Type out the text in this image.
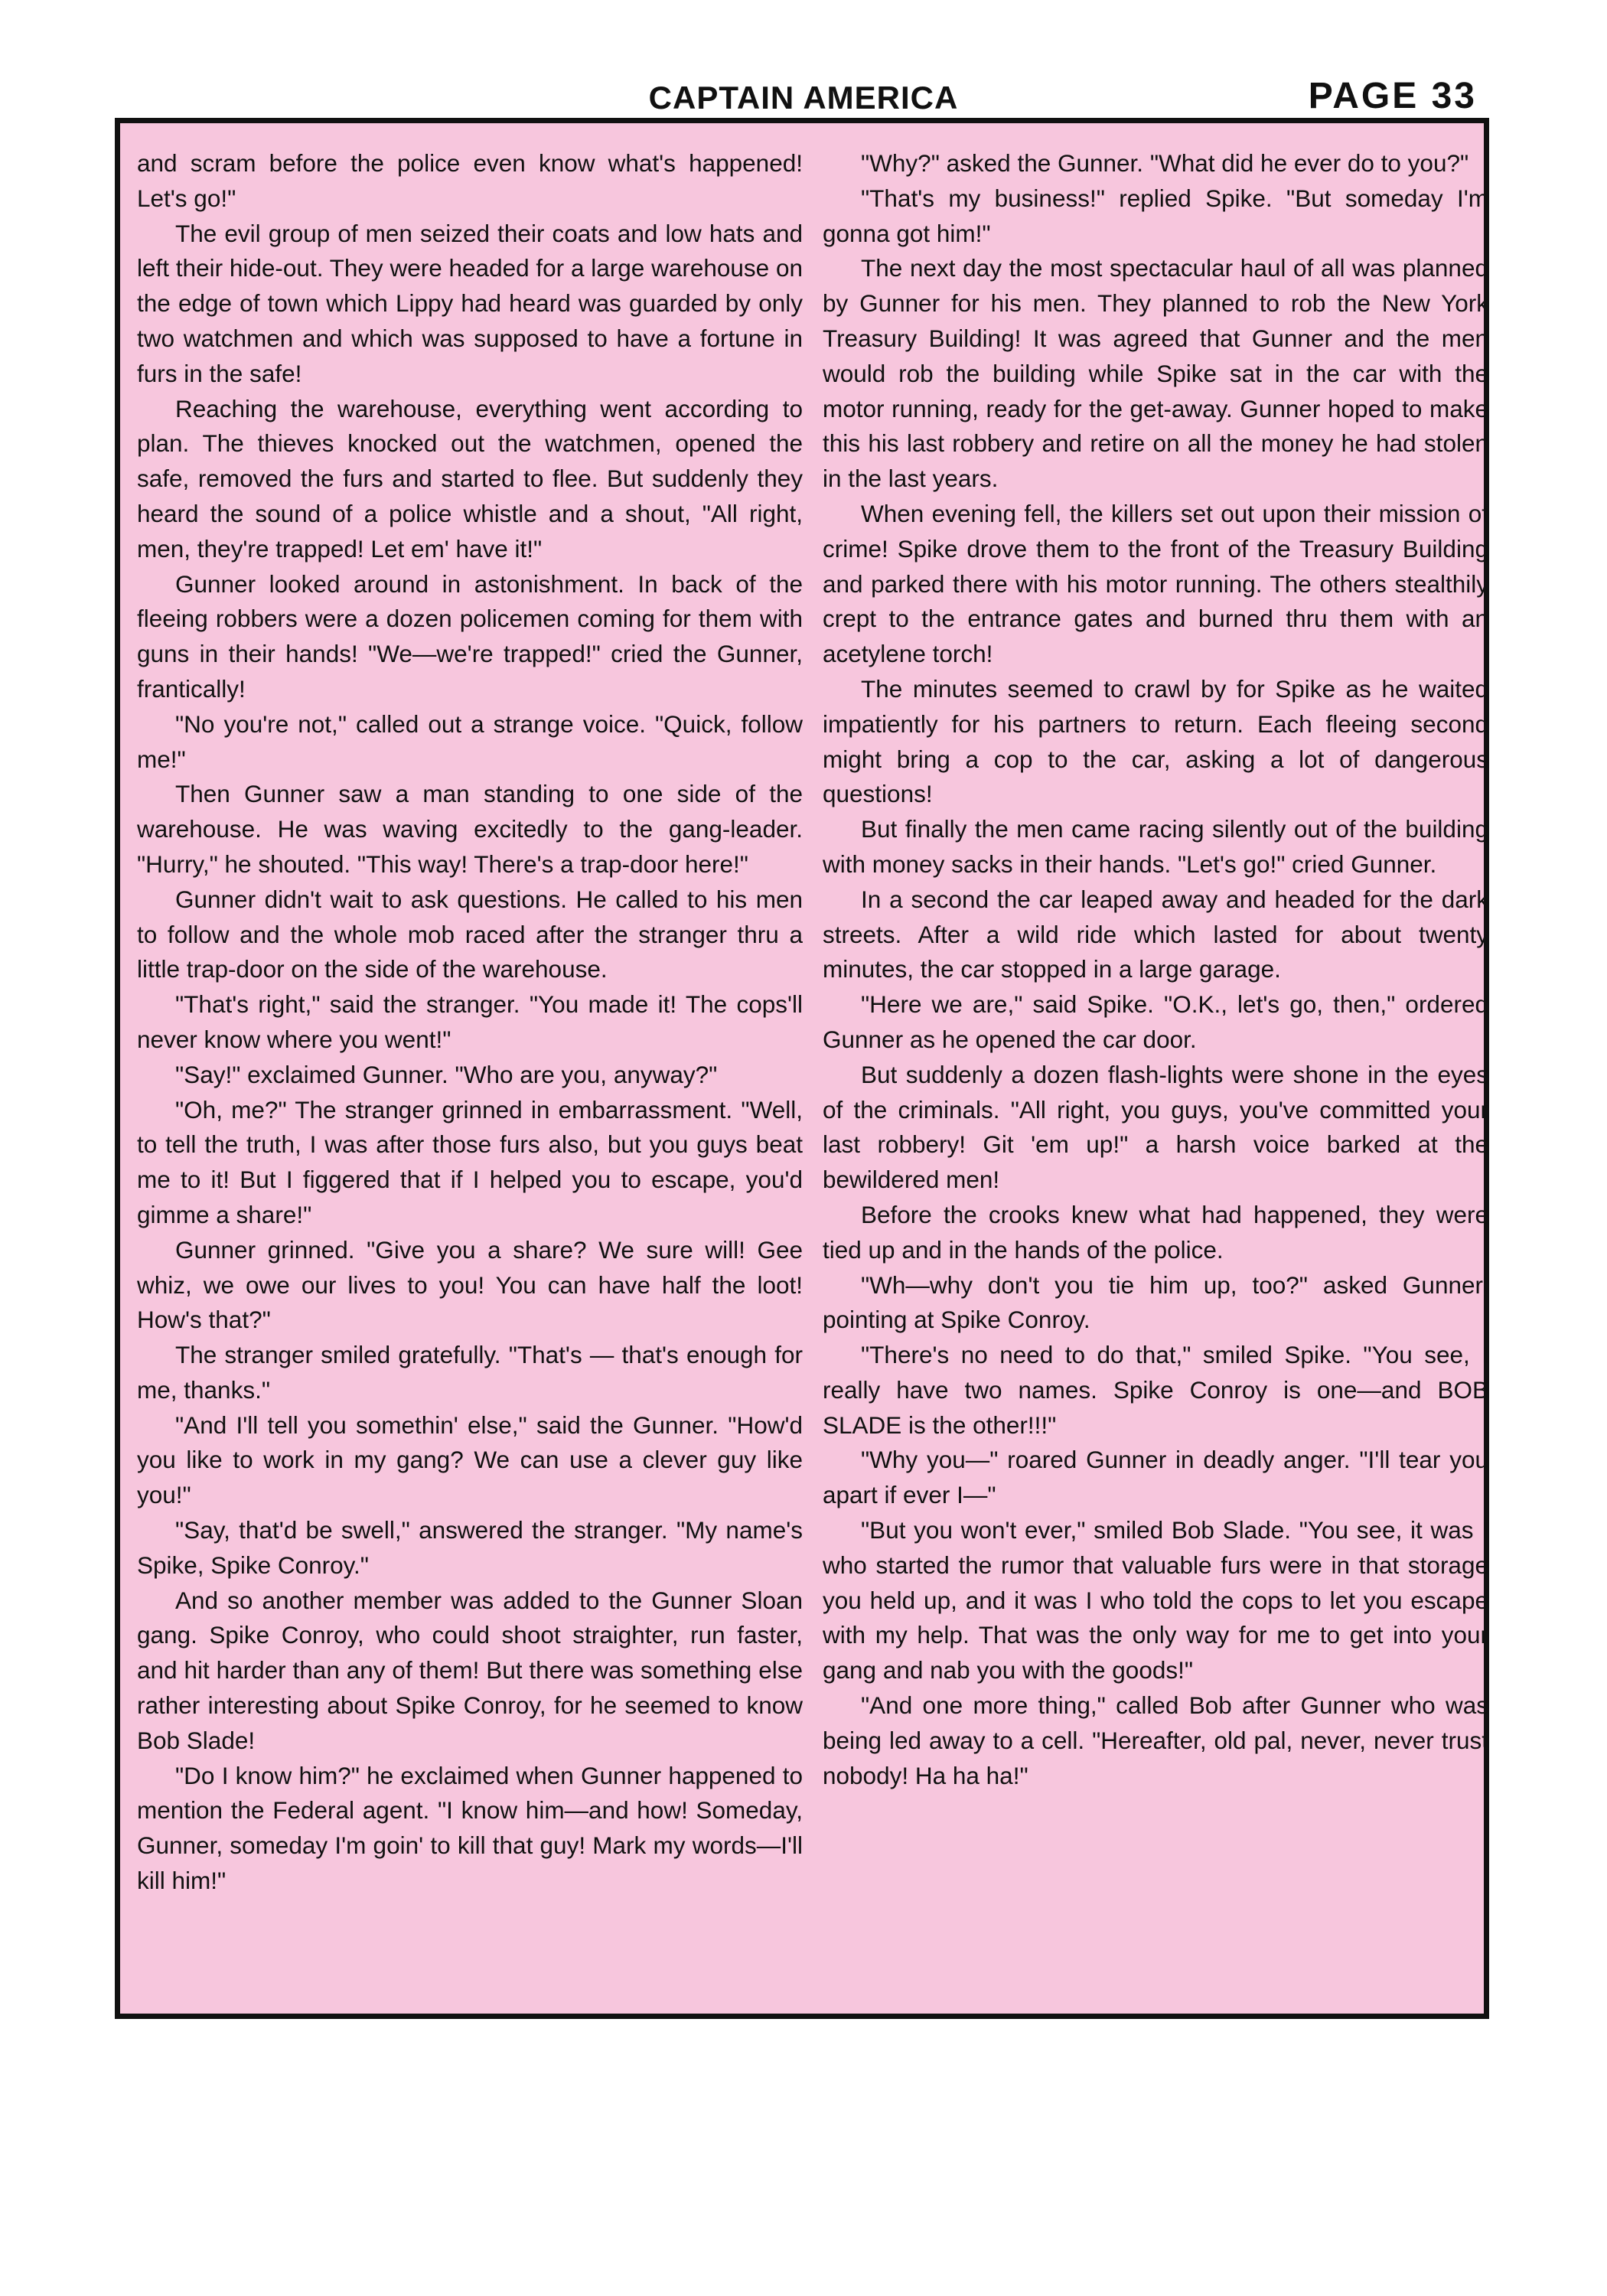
CAPTAIN AMERICA	PAGE 33

and scram before the police even know what's happened! Let's go!"

The evil group of men seized their coats and low hats and left their hide-out. They were headed for a large warehouse on the edge of town which Lippy had heard was guarded by only two watchmen and which was supposed to have a fortune in furs in the safe!

Reaching the warehouse, everything went according to plan. The thieves knocked out the watchmen, opened the safe, removed the furs and started to flee. But suddenly they heard the sound of a police whistle and a shout, "All right, men, they're trapped! Let em' have it!"

Gunner looked around in astonishment. In back of the fleeing robbers were a dozen policemen coming for them with guns in their hands! "We—we're trapped!" cried the Gunner, frantically!

"No you're not," called out a strange voice. "Quick, follow me!"

Then Gunner saw a man standing to one side of the warehouse. He was waving excitedly to the gang-leader. "Hurry," he shouted. "This way! There's a trap-door here!"

Gunner didn't wait to ask questions. He called to his men to follow and the whole mob raced after the stranger thru a little trap-door on the side of the warehouse.

"That's right," said the stranger. "You made it! The cops'll never know where you went!"

"Say!" exclaimed Gunner. "Who are you, anyway?"

"Oh, me?" The stranger grinned in embarrassment. "Well, to tell the truth, I was after those furs also, but you guys beat me to it! But I figgered that if I helped you to escape, you'd gimme a share!"

Gunner grinned. "Give you a share? We sure will! Gee whiz, we owe our lives to you! You can have half the loot! How's that?"

The stranger smiled gratefully. "That's — that's enough for me, thanks."

"And I'll tell you somethin' else," said the Gunner. "How'd you like to work in my gang? We can use a clever guy like you!"

"Say, that'd be swell," answered the stranger. "My name's Spike, Spike Conroy."

And so another member was added to the Gunner Sloan gang. Spike Conroy, who could shoot straighter, run faster, and hit harder than any of them! But there was something else rather interesting about Spike Conroy, for he seemed to know Bob Slade!

"Do I know him?" he exclaimed when Gunner happened to mention the Federal agent. "I know him—and how! Someday, Gunner, someday I'm goin' to kill that guy! Mark my words—I'll kill him!"

"Why?" asked the Gunner. "What did he ever do to you?"

"That's my business!" replied Spike. "But someday I'm gonna got him!"

The next day the most spectacular haul of all was planned by Gunner for his men. They planned to rob the New York Treasury Building! It was agreed that Gunner and the men would rob the building while Spike sat in the car with the motor running, ready for the get-away. Gunner hoped to make this his last robbery and retire on all the money he had stolen in the last years.

When evening fell, the killers set out upon their mission of crime! Spike drove them to the front of the Treasury Building and parked there with his motor running. The others stealthily crept to the entrance gates and burned thru them with an acetylene torch!

The minutes seemed to crawl by for Spike as he waited impatiently for his partners to return. Each fleeing second might bring a cop to the car, asking a lot of dangerous questions!

But finally the men came racing silently out of the building with money sacks in their hands. "Let's go!" cried Gunner.

In a second the car leaped away and headed for the dark streets. After a wild ride which lasted for about twenty minutes, the car stopped in a large garage.

"Here we are," said Spike. "O.K., let's go, then," ordered Gunner as he opened the car door.

But suddenly a dozen flash-lights were shone in the eyes of the criminals. "All right, you guys, you've committed your last robbery! Git 'em up!" a harsh voice barked at the bewildered men!

Before the crooks knew what had happened, they were tied up and in the hands of the police.

"Wh—why don't you tie him up, too?" asked Gunner, pointing at Spike Conroy.

"There's no need to do that," smiled Spike. "You see, I really have two names. Spike Conroy is one—and BOB SLADE is the other!!!"

"Why you—" roared Gunner in deadly anger. "I'll tear you apart if ever I—"

"But you won't ever," smiled Bob Slade. "You see, it was I who started the rumor that valuable furs were in that storage you held up, and it was I who told the cops to let you escape with my help. That was the only way for me to get into your gang and nab you with the goods!"

"And one more thing," called Bob after Gunner who was being led away to a cell. "Hereafter, old pal, never, never trust nobody! Ha ha ha!"
